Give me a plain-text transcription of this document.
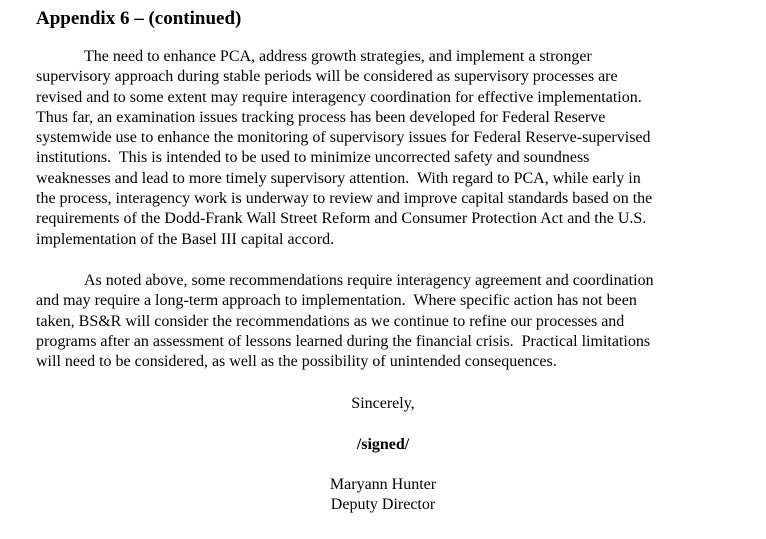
Appendix 6 – (continued)
The need to enhance PCA, address growth strategies, and implement a stronger
supervisory approach during stable periods will be considered as supervisory processes are
revised and to some extent may require interagency coordination for effective implementation.
Thus far, an examination issues tracking process has been developed for Federal Reserve
systemwide use to enhance the monitoring of supervisory issues for Federal Reserve-supervised
institutions.  This is intended to be used to minimize uncorrected safety and soundness
weaknesses and lead to more timely supervisory attention.  With regard to PCA, while early in
the process, interagency work is underway to review and improve capital standards based on the
requirements of the Dodd-Frank Wall Street Reform and Consumer Protection Act and the U.S.
implementation of the Basel III capital accord.
As noted above, some recommendations require interagency agreement and coordination
and may require a long-term approach to implementation.  Where specific action has not been
taken, BS&R will consider the recommendations as we continue to refine our processes and
programs after an assessment of lessons learned during the financial crisis.  Practical limitations
will need to be considered, as well as the possibility of unintended consequences.
Sincerely,
/signed/
Maryann Hunter
Deputy Director
